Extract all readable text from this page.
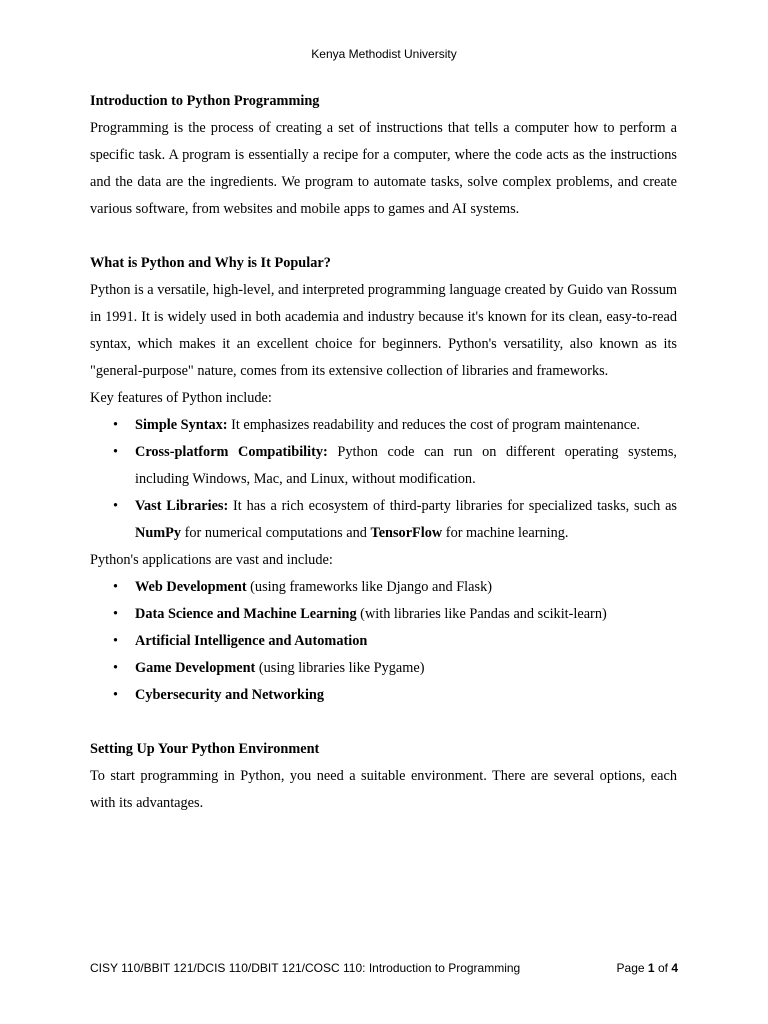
Kenya Methodist University
Introduction to Python Programming

Programming is the process of creating a set of instructions that tells a computer how to perform a specific task. A program is essentially a recipe for a computer, where the code acts as the instructions and the data are the ingredients. We program to automate tasks, solve complex problems, and create various software, from websites and mobile apps to games and AI systems.

What is Python and Why is It Popular?

Python is a versatile, high-level, and interpreted programming language created by Guido van Rossum in 1991. It is widely used in both academia and industry because it's known for its clean, easy-to-read syntax, which makes it an excellent choice for beginners. Python's versatility, also known as its "general-purpose" nature, comes from its extensive collection of libraries and frameworks.

Key features of Python include:

• Simple Syntax: It emphasizes readability and reduces the cost of program maintenance.
• Cross-platform Compatibility: Python code can run on different operating systems, including Windows, Mac, and Linux, without modification.
• Vast Libraries: It has a rich ecosystem of third-party libraries for specialized tasks, such as NumPy for numerical computations and TensorFlow for machine learning.

Python's applications are vast and include:

• Web Development (using frameworks like Django and Flask)
• Data Science and Machine Learning (with libraries like Pandas and scikit-learn)
• Artificial Intelligence and Automation
• Game Development (using libraries like Pygame)
• Cybersecurity and Networking
Setting Up Your Python Environment

To start programming in Python, you need a suitable environment. There are several options, each with its advantages.

CISY 110/BBIT 121/DCIS 110/DBIT 121/COSC 110: Introduction to Programming	Page 1 of 4
